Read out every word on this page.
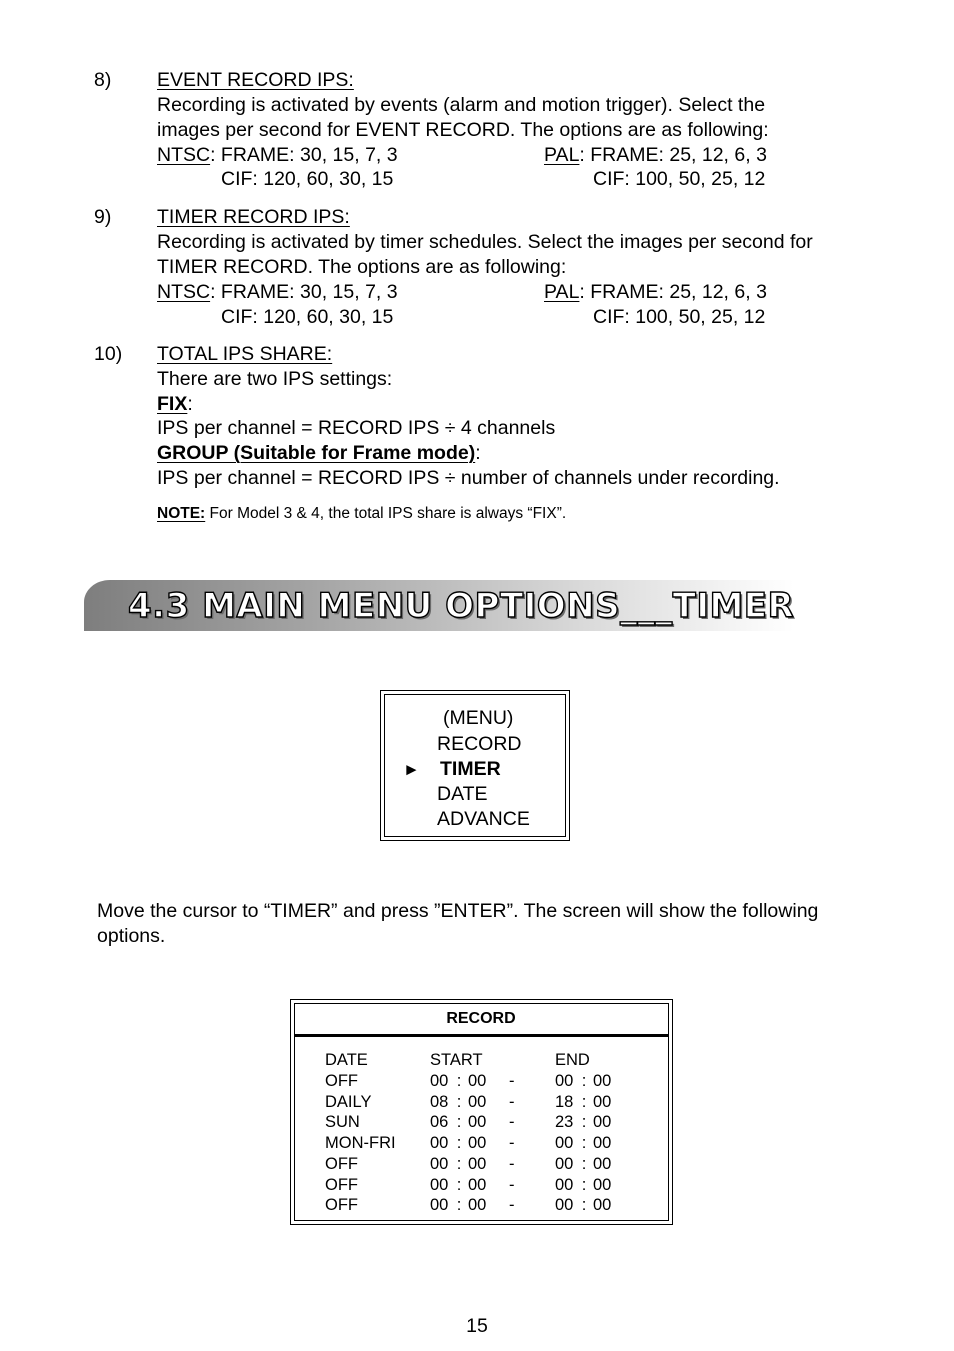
8) EVENT RECORD IPS:
Recording is activated by events (alarm and motion trigger). Select the
images per second for EVENT RECORD. The options are as following:
NTSC: FRAME: 30, 15, 7, 3	PAL: FRAME: 25, 12, 6, 3
CIF: 120, 60, 30, 15	CIF: 100, 50, 25, 12
9) TIMER RECORD IPS:
Recording is activated by timer schedules. Select the images per second for
TIMER RECORD. The options are as following:
NTSC: FRAME: 30, 15, 7, 3	PAL: FRAME: 25, 12, 6, 3
CIF: 120, 60, 30, 15	CIF: 100, 50, 25, 12
10) TOTAL IPS SHARE:
There are two IPS settings:
FIX:
IPS per channel = RECORD IPS ÷ 4 channels
GROUP (Suitable for Frame mode):
IPS per channel = RECORD IPS ÷ number of channels under recording.
NOTE: For Model 3 & 4, the total IPS share is always “FIX”.
4.3 MAIN MENU OPTIONS___TIMER
(MENU)
RECORD
► TIMER
DATE
ADVANCE
Move the cursor to “TIMER” and press ”ENTER”. The screen will show the following
options.
RECORD
DATE	START	END
OFF	00 : 00	- 00 : 00
DAILY	08 : 00	- 18 : 00
SUN	06 : 00	- 23 : 00
MON-FRI 00 : 00	- 00 : 00
OFF	00 : 00	- 00 : 00
OFF	00 : 00	- 00 : 00
OFF	00 : 00	- 00 : 00
15
